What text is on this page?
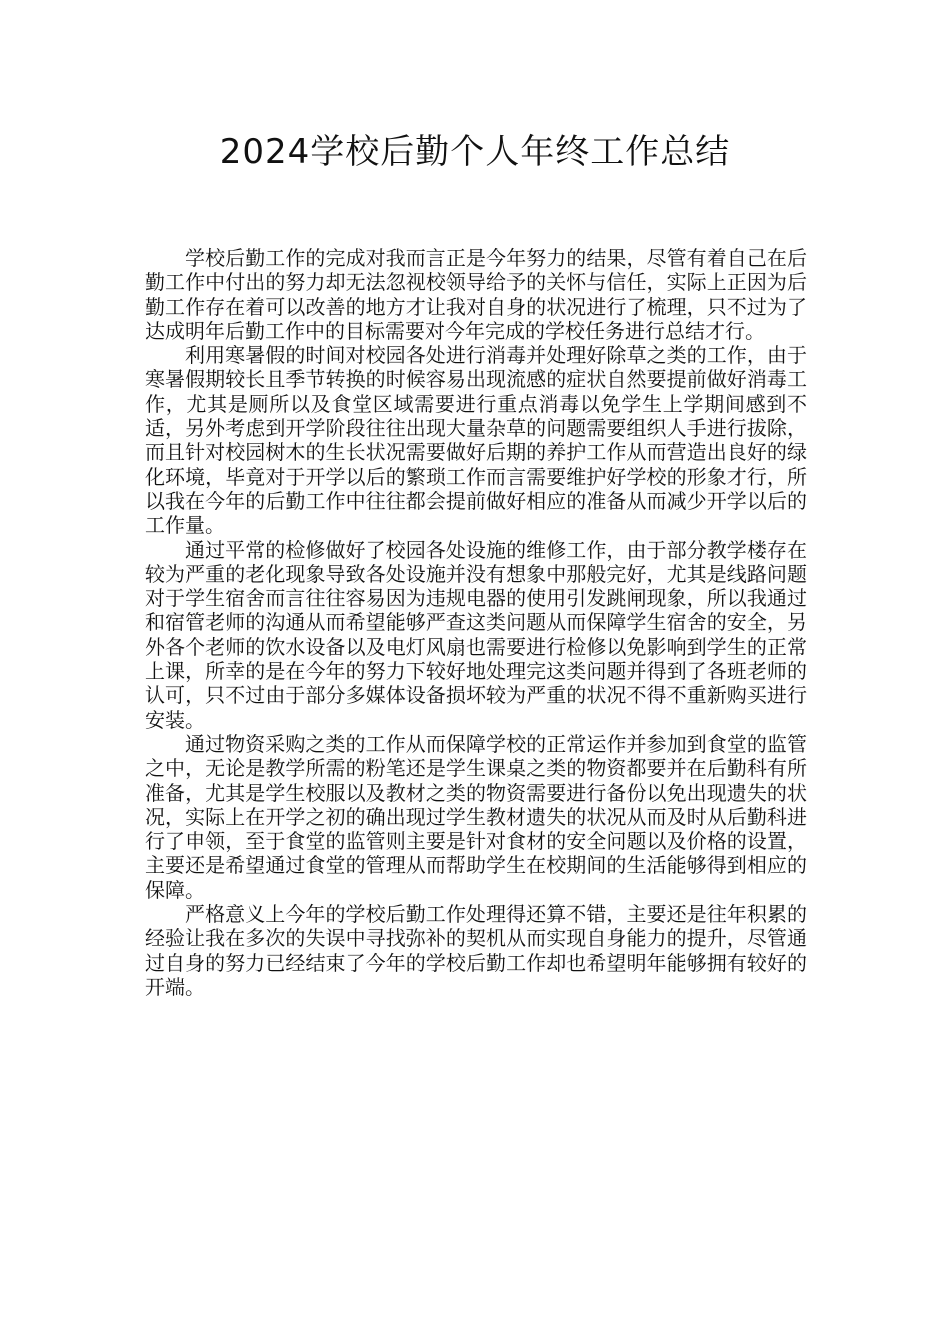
2024学校后勤个人年终工作总结

学校后勤工作的完成对我而言正是今年努力的结果，尽管有着自己在后勤工作中付出的努力却无法忽视校领导给予的关怀与信任，实际上正因为后勤工作存在着可以改善的地方才让我对自身的状况进行了梳理，只不过为了达成明年后勤工作中的目标需要对今年完成的学校任务进行总结才行。

利用寒暑假的时间对校园各处进行消毒并处理好除草之类的工作，由于寒暑假期较长且季节转换的时候容易出现流感的症状自然要提前做好消毒工作，尤其是厕所以及食堂区域需要进行重点消毒以免学生上学期间感到不适，另外考虑到开学阶段往往出现大量杂草的问题需要组织人手进行拔除，而且针对校园树木的生长状况需要做好后期的养护工作从而营造出良好的绿化环境，毕竟对于开学以后的繁琐工作而言需要维护好学校的形象才行，所以我在今年的后勤工作中往往都会提前做好相应的准备从而减少开学以后的工作量。

通过平常的检修做好了校园各处设施的维修工作，由于部分教学楼存在较为严重的老化现象导致各处设施并没有想象中那般完好，尤其是线路问题对于学生宿舍而言往往容易因为违规电器的使用引发跳闸现象，所以我通过和宿管老师的沟通从而希望能够严查这类问题从而保障学生宿舍的安全，另外各个老师的饮水设备以及电灯风扇也需要进行检修以免影响到学生的正常上课，所幸的是在今年的努力下较好地处理完这类问题并得到了各班老师的认可，只不过由于部分多媒体设备损坏较为严重的状况不得不重新购买进行安装。

通过物资采购之类的工作从而保障学校的正常运作并参加到食堂的监管之中，无论是教学所需的粉笔还是学生课桌之类的物资都要并在后勤科有所准备，尤其是学生校服以及教材之类的物资需要进行备份以免出现遗失的状况，实际上在开学之初的确出现过学生教材遗失的状况从而及时从后勤科进行了申领，至于食堂的监管则主要是针对食材的安全问题以及价格的设置，主要还是希望通过食堂的管理从而帮助学生在校期间的生活能够得到相应的保障。

严格意义上今年的学校后勤工作处理得还算不错，主要还是往年积累的经验让我在多次的失误中寻找弥补的契机从而实现自身能力的提升，尽管通过自身的努力已经结束了今年的学校后勤工作却也希望明年能够拥有较好的开端。
